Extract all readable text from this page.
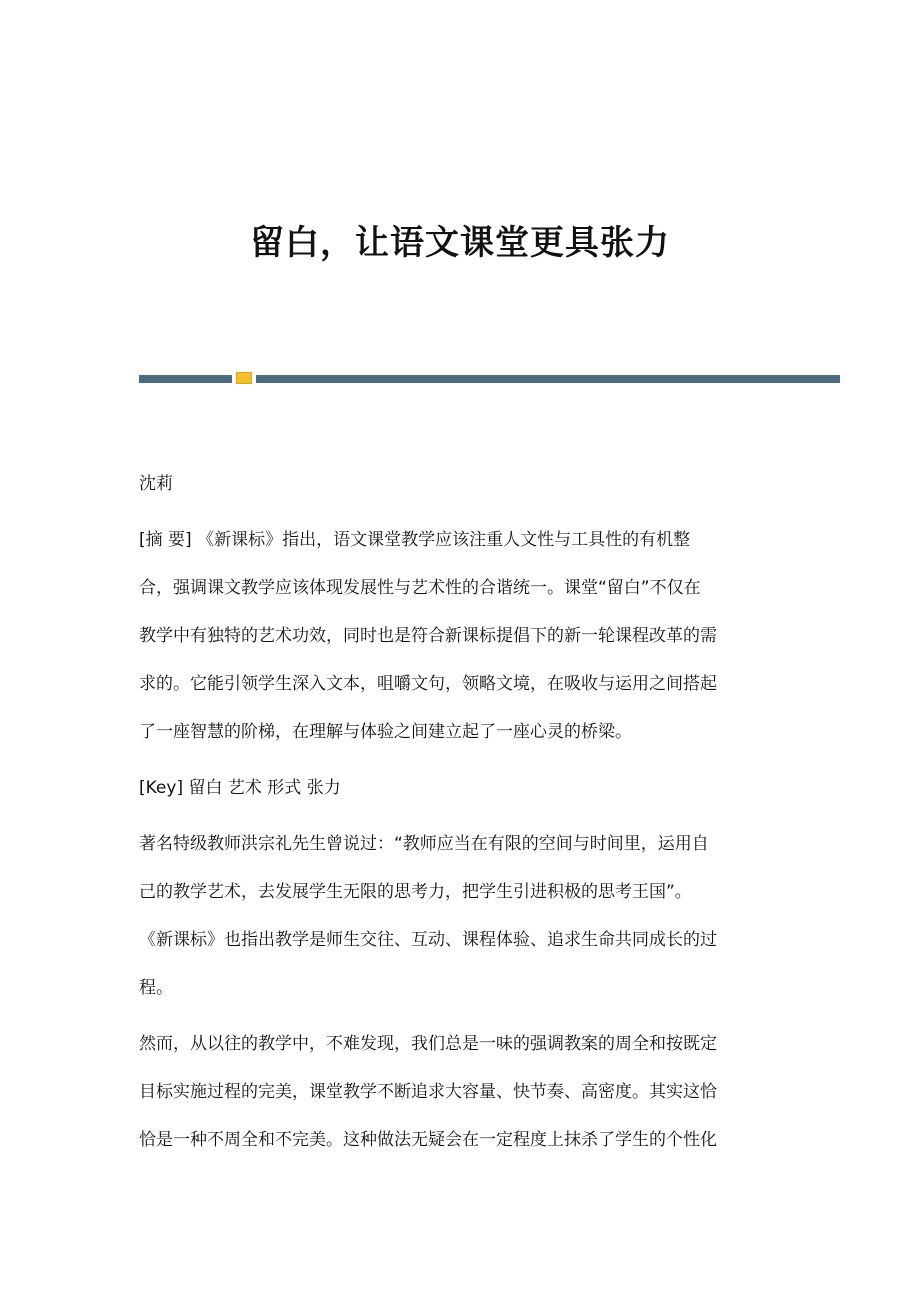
留白，让语文课堂更具张力
沈莉
[摘 要] 《新课标》指出，语文课堂教学应该注重人文性与工具性的有机整
合，强调课文教学应该体现发展性与艺术性的合谐统一。课堂“留白”不仅在
教学中有独特的艺术功效，同时也是符合新课标提倡下的新一轮课程改革的需
求的。它能引领学生深入文本，咀嚼文句，领略文境，在吸收与运用之间搭起
了一座智慧的阶梯，在理解与体验之间建立起了一座心灵的桥梁。
[Key] 留白 艺术 形式 张力
著名特级教师洪宗礼先生曾说过：“教师应当在有限的空间与时间里，运用自
己的教学艺术，去发展学生无限的思考力，把学生引进积极的思考王国”。
《新课标》也指出教学是师生交往、互动、课程体验、追求生命共同成长的过
程。
然而，从以往的教学中，不难发现，我们总是一味的强调教案的周全和按既定
目标实施过程的完美，课堂教学不断追求大容量、快节奏、高密度。其实这恰
恰是一种不周全和不完美。这种做法无疑会在一定程度上抹杀了学生的个性化
